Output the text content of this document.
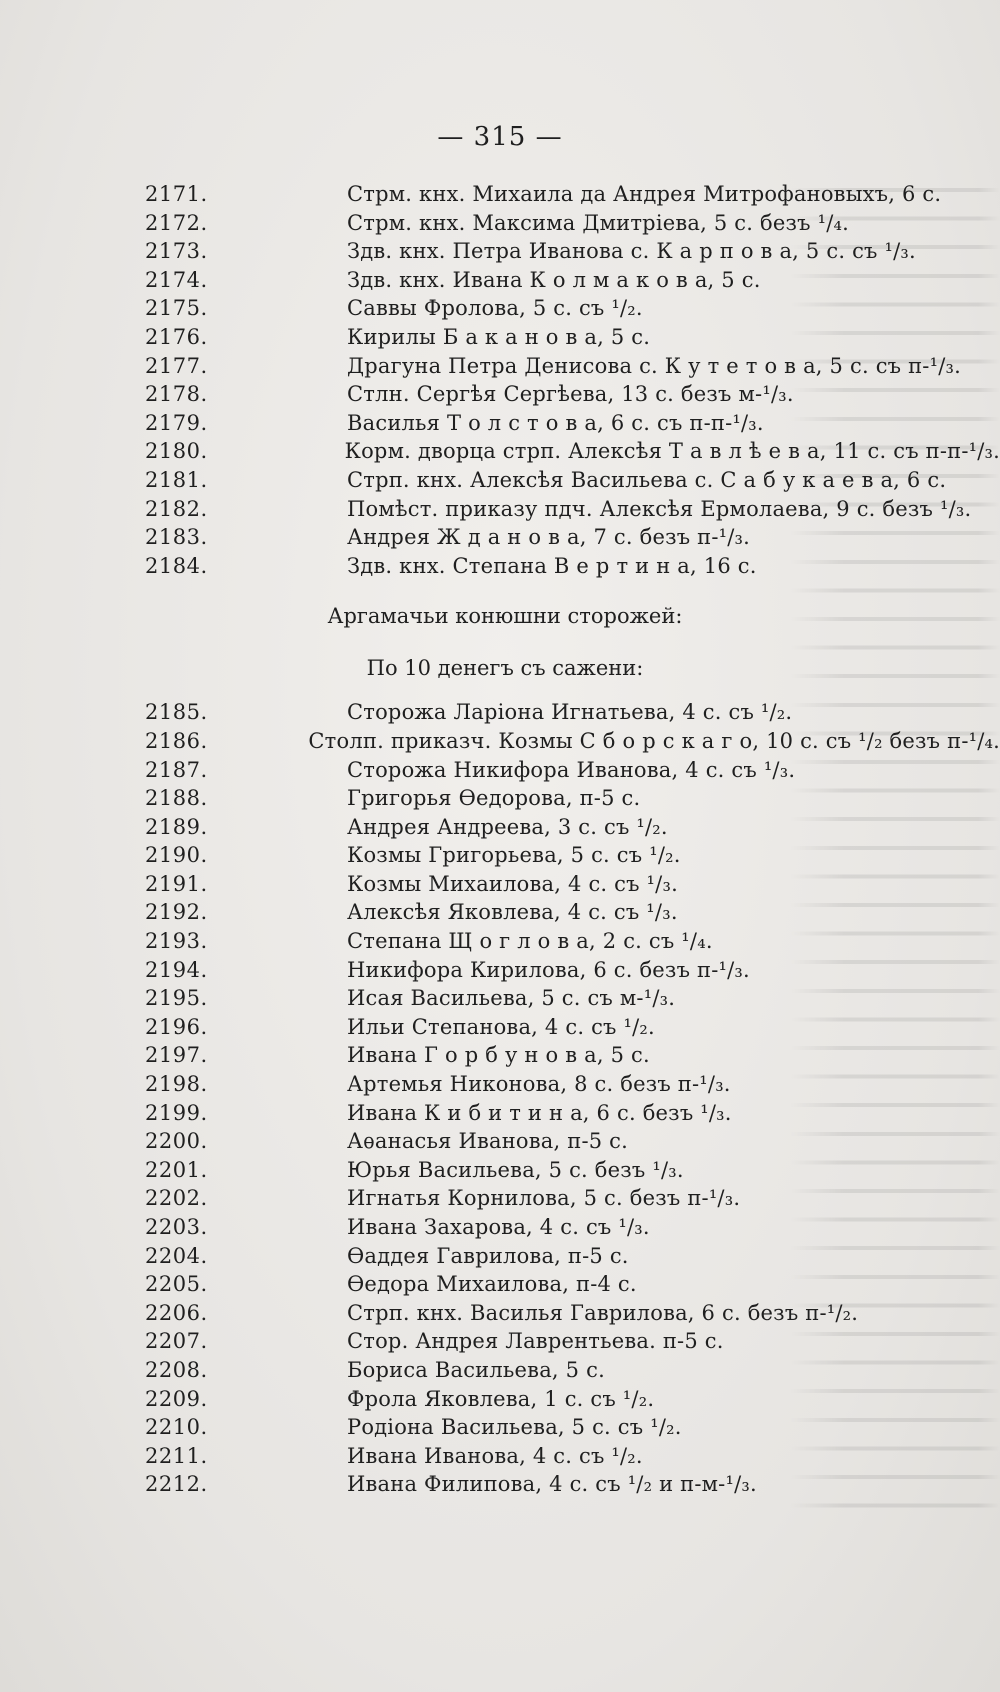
— 315 —
2171.	Стрм. кнх. Михаила да Андрея Митрофановыхъ, 6 с.
2172.	Стрм. кнх. Максима Дмитріева, 5 с. безъ ¹/₄.
2173.	Здв. кнх. Петра Иванова с. К а р п о в а, 5 с. съ ¹/₃.
2174.	Здв. кнх. Ивана К о л м а к о в а, 5 с.
2175.	Саввы Фролова, 5 с. съ ¹/₂.
2176.	Кирилы Б а к а н о в а, 5 с.
2177.	Драгуна Петра Денисова с. К у т е т о в а, 5 с. съ п-¹/₃.
2178.	Стлн. Сергѣя Сергѣева, 13 с. безъ м-¹/₃.
2179.	Василья Т о л с т о в а, 6 с. съ п-п-¹/₃.
2180.	Корм. дворца стрп. Алексѣя Т а в л ѣ е в а, 11 с. съ п-п-¹/₃.
2181.	Стрп. кнх. Алексѣя Васильева с. С а б у к а е в а, 6 с.
2182.	Помѣст. приказу пдч. Алексѣя Ермолаева, 9 с. безъ ¹/₃.
2183.	Андрея Ж д а н о в а, 7 с. безъ п-¹/₃.
2184.	Здв. кнх. Степана В е р т и н а, 16 с.
Аргамачьи конюшни сторожей:
По 10 денегъ съ сажени:
2185.	Сторожа Ларіона Игнатьева, 4 с. съ ¹/₂.
2186.	Столп. приказч. Козмы С б о р с к а г о, 10 с. съ ¹/₂ безъ п-¹/₄.
2187.	Сторожа Никифора Иванова, 4 с. съ ¹/₃.
2188.	Григорья Ѳедорова, п-5 с.
2189.	Андрея Андреева, 3 с. съ ¹/₂.
2190.	Козмы Григорьева, 5 с. съ ¹/₂.
2191.	Козмы Михаилова, 4 с. съ ¹/₃.
2192.	Алексѣя Яковлева, 4 с. съ ¹/₃.
2193.	Степана Щ о г л о в а, 2 с. съ ¹/₄.
2194.	Никифора Кирилова, 6 с. безъ п-¹/₃.
2195.	Исая Васильева, 5 с. съ м-¹/₃.
2196.	Ильи Степанова, 4 с. съ ¹/₂.
2197.	Ивана Г о р б у н о в а, 5 с.
2198.	Артемья Никонова, 8 с. безъ п-¹/₃.
2199.	Ивана К и б и т и н а, 6 с. безъ ¹/₃.
2200.	Аѳанасья Иванова, п-5 с.
2201.	Юрья Васильева, 5 с. безъ ¹/₃.
2202.	Игнатья Корнилова, 5 с. безъ п-¹/₃.
2203.	Ивана Захарова, 4 с. съ ¹/₃.
2204.	Ѳаддея Гаврилова, п-5 с.
2205.	Ѳедора Михаилова, п-4 с.
2206.	Стрп. кнх. Василья Гаврилова, 6 с. безъ п-¹/₂.
2207.	Стор. Андрея Лаврентьева. п-5 с.
2208.	Бориса Васильева, 5 с.
2209.	Фрола Яковлева, 1 с. съ ¹/₂.
2210.	Родіона Васильева, 5 с. съ ¹/₂.
2211.	Ивана Иванова, 4 с. съ ¹/₂.
2212.	Ивана Филипова, 4 с. съ ¹/₂ и п-м-¹/₃.
